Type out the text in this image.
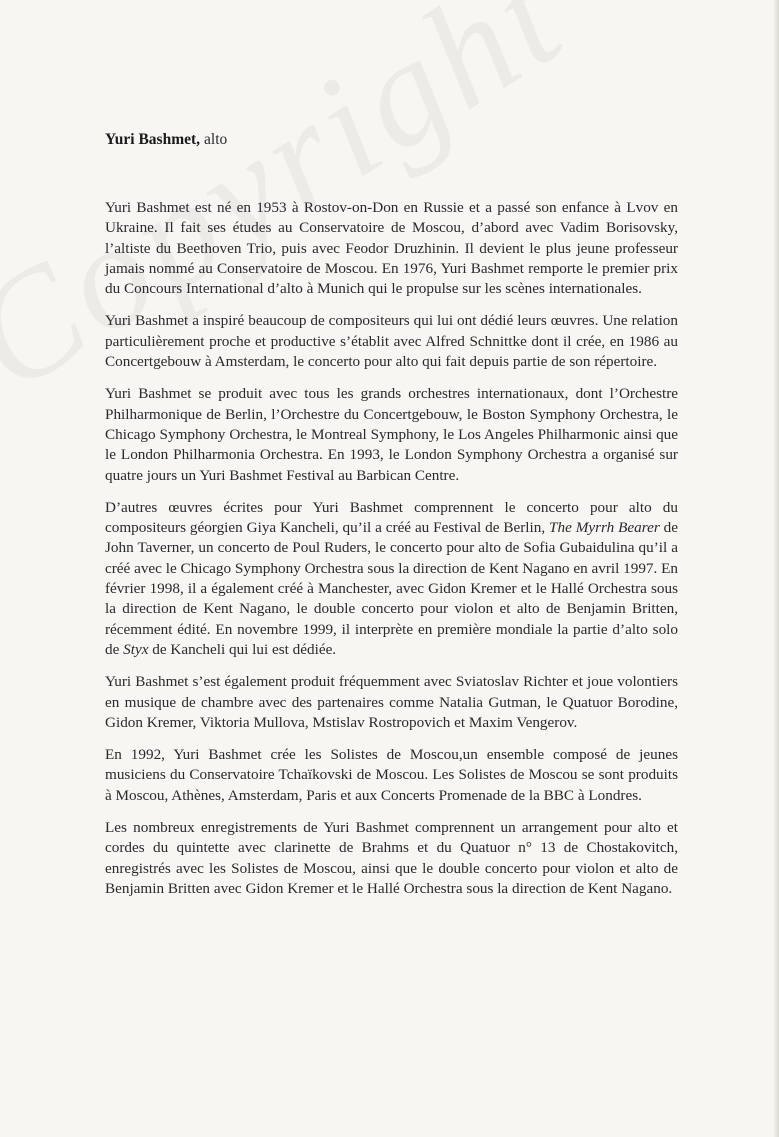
Yuri Bashmet, alto

Yuri Bashmet est né en 1953 à Rostov-on-Don en Russie et a passé son enfance à Lvov en Ukraine. Il fait ses études au Conservatoire de Moscou, d’abord avec Vadim Borisovsky, l’altiste du Beethoven Trio, puis avec Feodor Druzhinin. Il devient le plus jeune professeur jamais nommé au Conservatoire de Moscou. En 1976, Yuri Bashmet remporte le premier prix du Concours International d’alto à Munich qui le propulse sur les scènes internationales.

Yuri Bashmet a inspiré beaucoup de compositeurs qui lui ont dédié leurs œuvres. Une relation particulièrement proche et productive s’établit avec Alfred Schnittke dont il crée, en 1986 au Concertgebouw à Amsterdam, le concerto pour alto qui fait depuis partie de son répertoire.

Yuri Bashmet se produit avec tous les grands orchestres internationaux, dont l’Orchestre Philharmonique de Berlin, l’Orchestre du Concertgebouw, le Boston Symphony Orchestra, le Chicago Symphony Orchestra, le Montreal Symphony, le Los Angeles Philharmonic ainsi que le London Philharmonia Orchestra. En 1993, le London Symphony Orchestra a organisé sur quatre jours un Yuri Bashmet Festival au Barbican Centre.

D’autres œuvres écrites pour Yuri Bashmet comprennent le concerto pour alto du compositeurs géorgien Giya Kancheli, qu’il a créé au Festival de Berlin, The Myrrh Bearer de John Taverner, un concerto de Poul Ruders, le concerto pour alto de Sofia Gubaidulina qu’il a créé avec le Chicago Symphony Orchestra sous la direction de Kent Nagano en avril 1997. En février 1998, il a également créé à Manchester, avec Gidon Kremer et le Hallé Orchestra sous la direction de Kent Nagano, le double concerto pour violon et alto de Benjamin Britten, récemment édité. En novembre 1999, il interprète en première mondiale la partie d’alto solo de Styx de Kancheli qui lui est dédiée.

Yuri Bashmet s’est également produit fréquemment avec Sviatoslav Richter et joue volontiers en musique de chambre avec des partenaires comme Natalia Gutman, le Quatuor Borodine, Gidon Kremer, Viktoria Mullova, Mstislav Rostropovich et Maxim Vengerov.

En 1992, Yuri Bashmet crée les Solistes de Moscou,un ensemble composé de jeunes musiciens du Conservatoire Tchaïkovski de Moscou. Les Solistes de Moscou se sont produits à Moscou, Athènes, Amsterdam, Paris et aux Concerts Promenade de la BBC à Londres.

Les nombreux enregistrements de Yuri Bashmet comprennent un arrangement pour alto et cordes du quintette avec clarinette de Brahms et du Quatuor n° 13 de Chostakovitch, enregistrés avec les Solistes de Moscou, ainsi que le double concerto pour violon et alto de Benjamin Britten avec Gidon Kremer et le Hallé Orchestra sous la direction de Kent Nagano.
